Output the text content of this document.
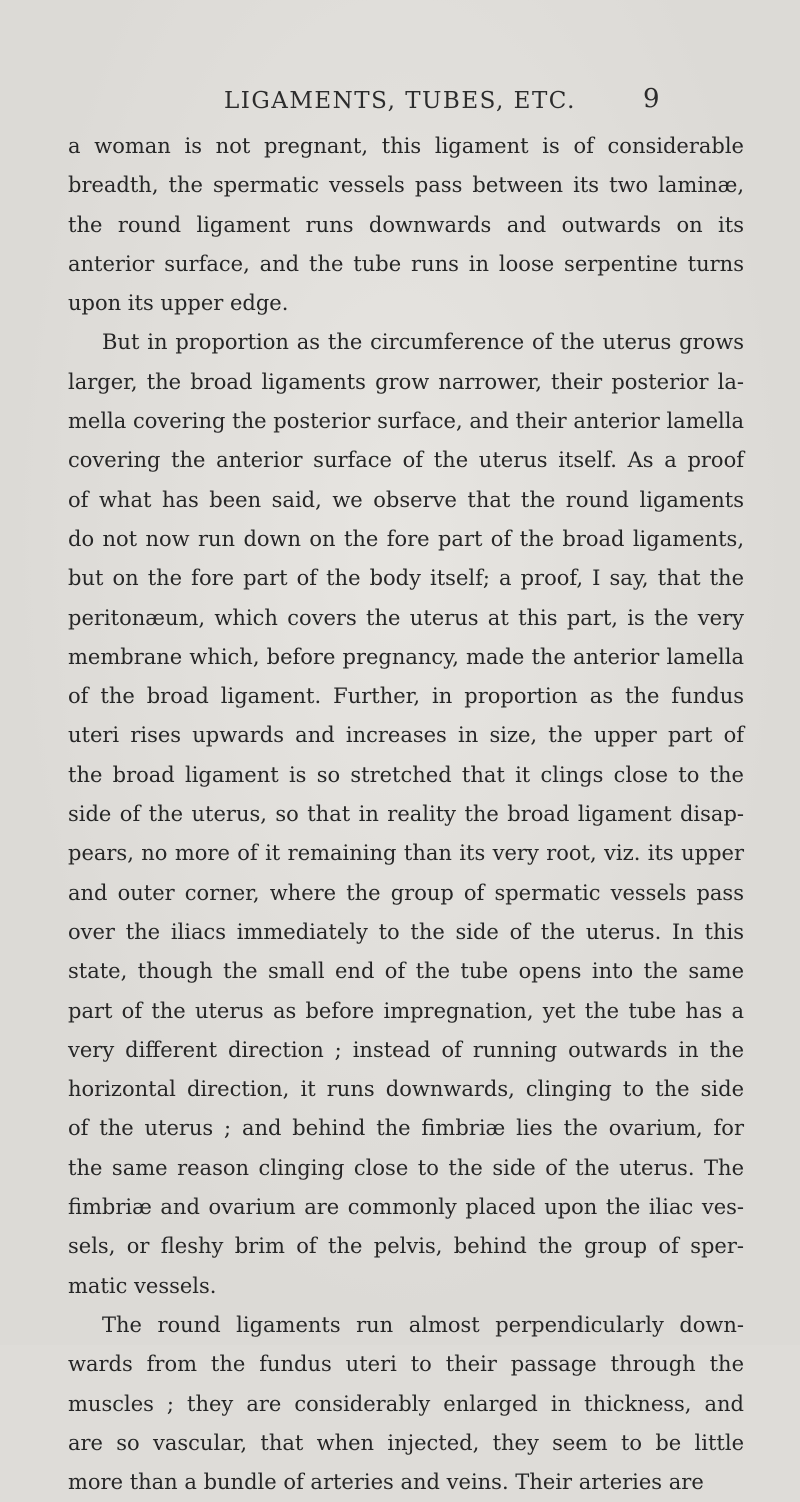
LIGAMENTS, TUBES, ETC.	9
a woman is not pregnant, this ligament is of considerable
breadth, the spermatic vessels pass between its two laminæ,
the round ligament runs downwards and outwards on its
anterior surface, and the tube runs in loose serpentine turns
upon its upper edge.
But in proportion as the circumference of the uterus grows
larger, the broad ligaments grow narrower, their posterior la-
mella covering the posterior surface, and their anterior lamella
covering the anterior surface of the uterus itself. As a proof
of what has been said, we observe that the round ligaments
do not now run down on the fore part of the broad ligaments,
but on the fore part of the body itself; a proof, I say, that the
peritonæum, which covers the uterus at this part, is the very
membrane which, before pregnancy, made the anterior lamella
of the broad ligament. Further, in proportion as the fundus
uteri rises upwards and increases in size, the upper part of
the broad ligament is so stretched that it clings close to the
side of the uterus, so that in reality the broad ligament disap-
pears, no more of it remaining than its very root, viz. its upper
and outer corner, where the group of spermatic vessels pass
over the iliacs immediately to the side of the uterus. In this
state, though the small end of the tube opens into the same
part of the uterus as before impregnation, yet the tube has a
very different direction ; instead of running outwards in the
horizontal direction, it runs downwards, clinging to the side
of the uterus ; and behind the fimbriæ lies the ovarium, for
the same reason clinging close to the side of the uterus. The
fimbriæ and ovarium are commonly placed upon the iliac ves-
sels, or fleshy brim of the pelvis, behind the group of sper-
matic vessels.
The round ligaments run almost perpendicularly down-
wards from the fundus uteri to their passage through the
muscles ; they are considerably enlarged in thickness, and
are so vascular, that when injected, they seem to be little
more than a bundle of arteries and veins. Their arteries are
